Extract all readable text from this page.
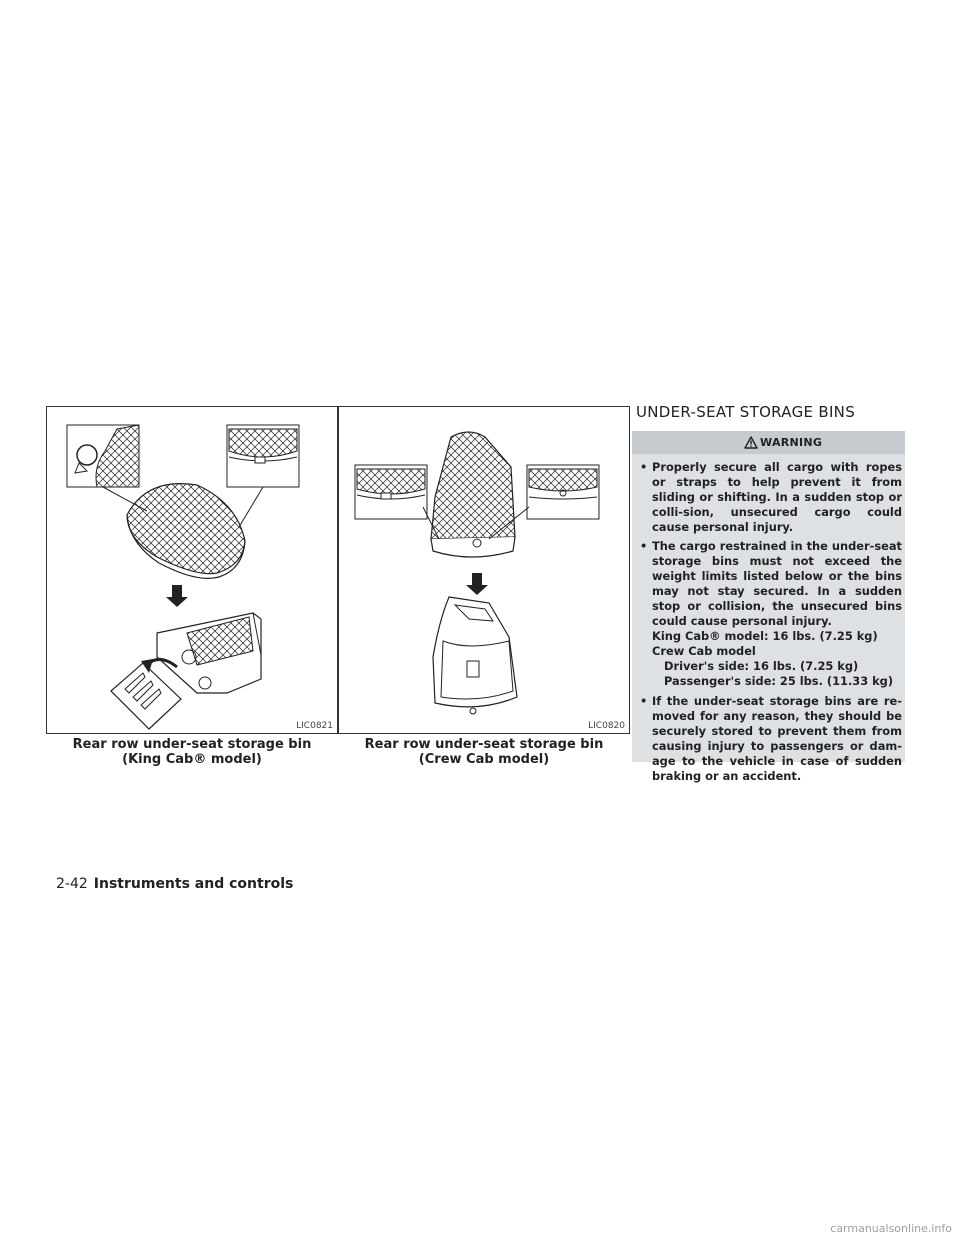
LIC0821
Rear row under-seat storage bin
(King Cab® model)
LIC0820
Rear row under-seat storage bin
(Crew Cab model)
UNDER-SEAT STORAGE BINS
WARNING
• Properly secure all cargo with ropes or straps to help prevent it from sliding or shifting. In a sudden stop or colli-sion, unsecured cargo could cause personal injury.
• The cargo restrained in the under-seat storage bins must not exceed the weight limits listed below or the bins may not stay secured. In a sudden stop or collision, the unsecured bins could cause personal injury.
King Cab® model: 16 lbs. (7.25 kg)
Crew Cab model
Driver's side: 16 lbs. (7.25 kg)
Passenger's side: 25 lbs. (11.33 kg)
• If the under-seat storage bins are re-moved for any reason, they should be securely stored to prevent them from causing injury to passengers or dam-age to the vehicle in case of sudden braking or an accident.
2-42 Instruments and controls
carmanualsonline.info
